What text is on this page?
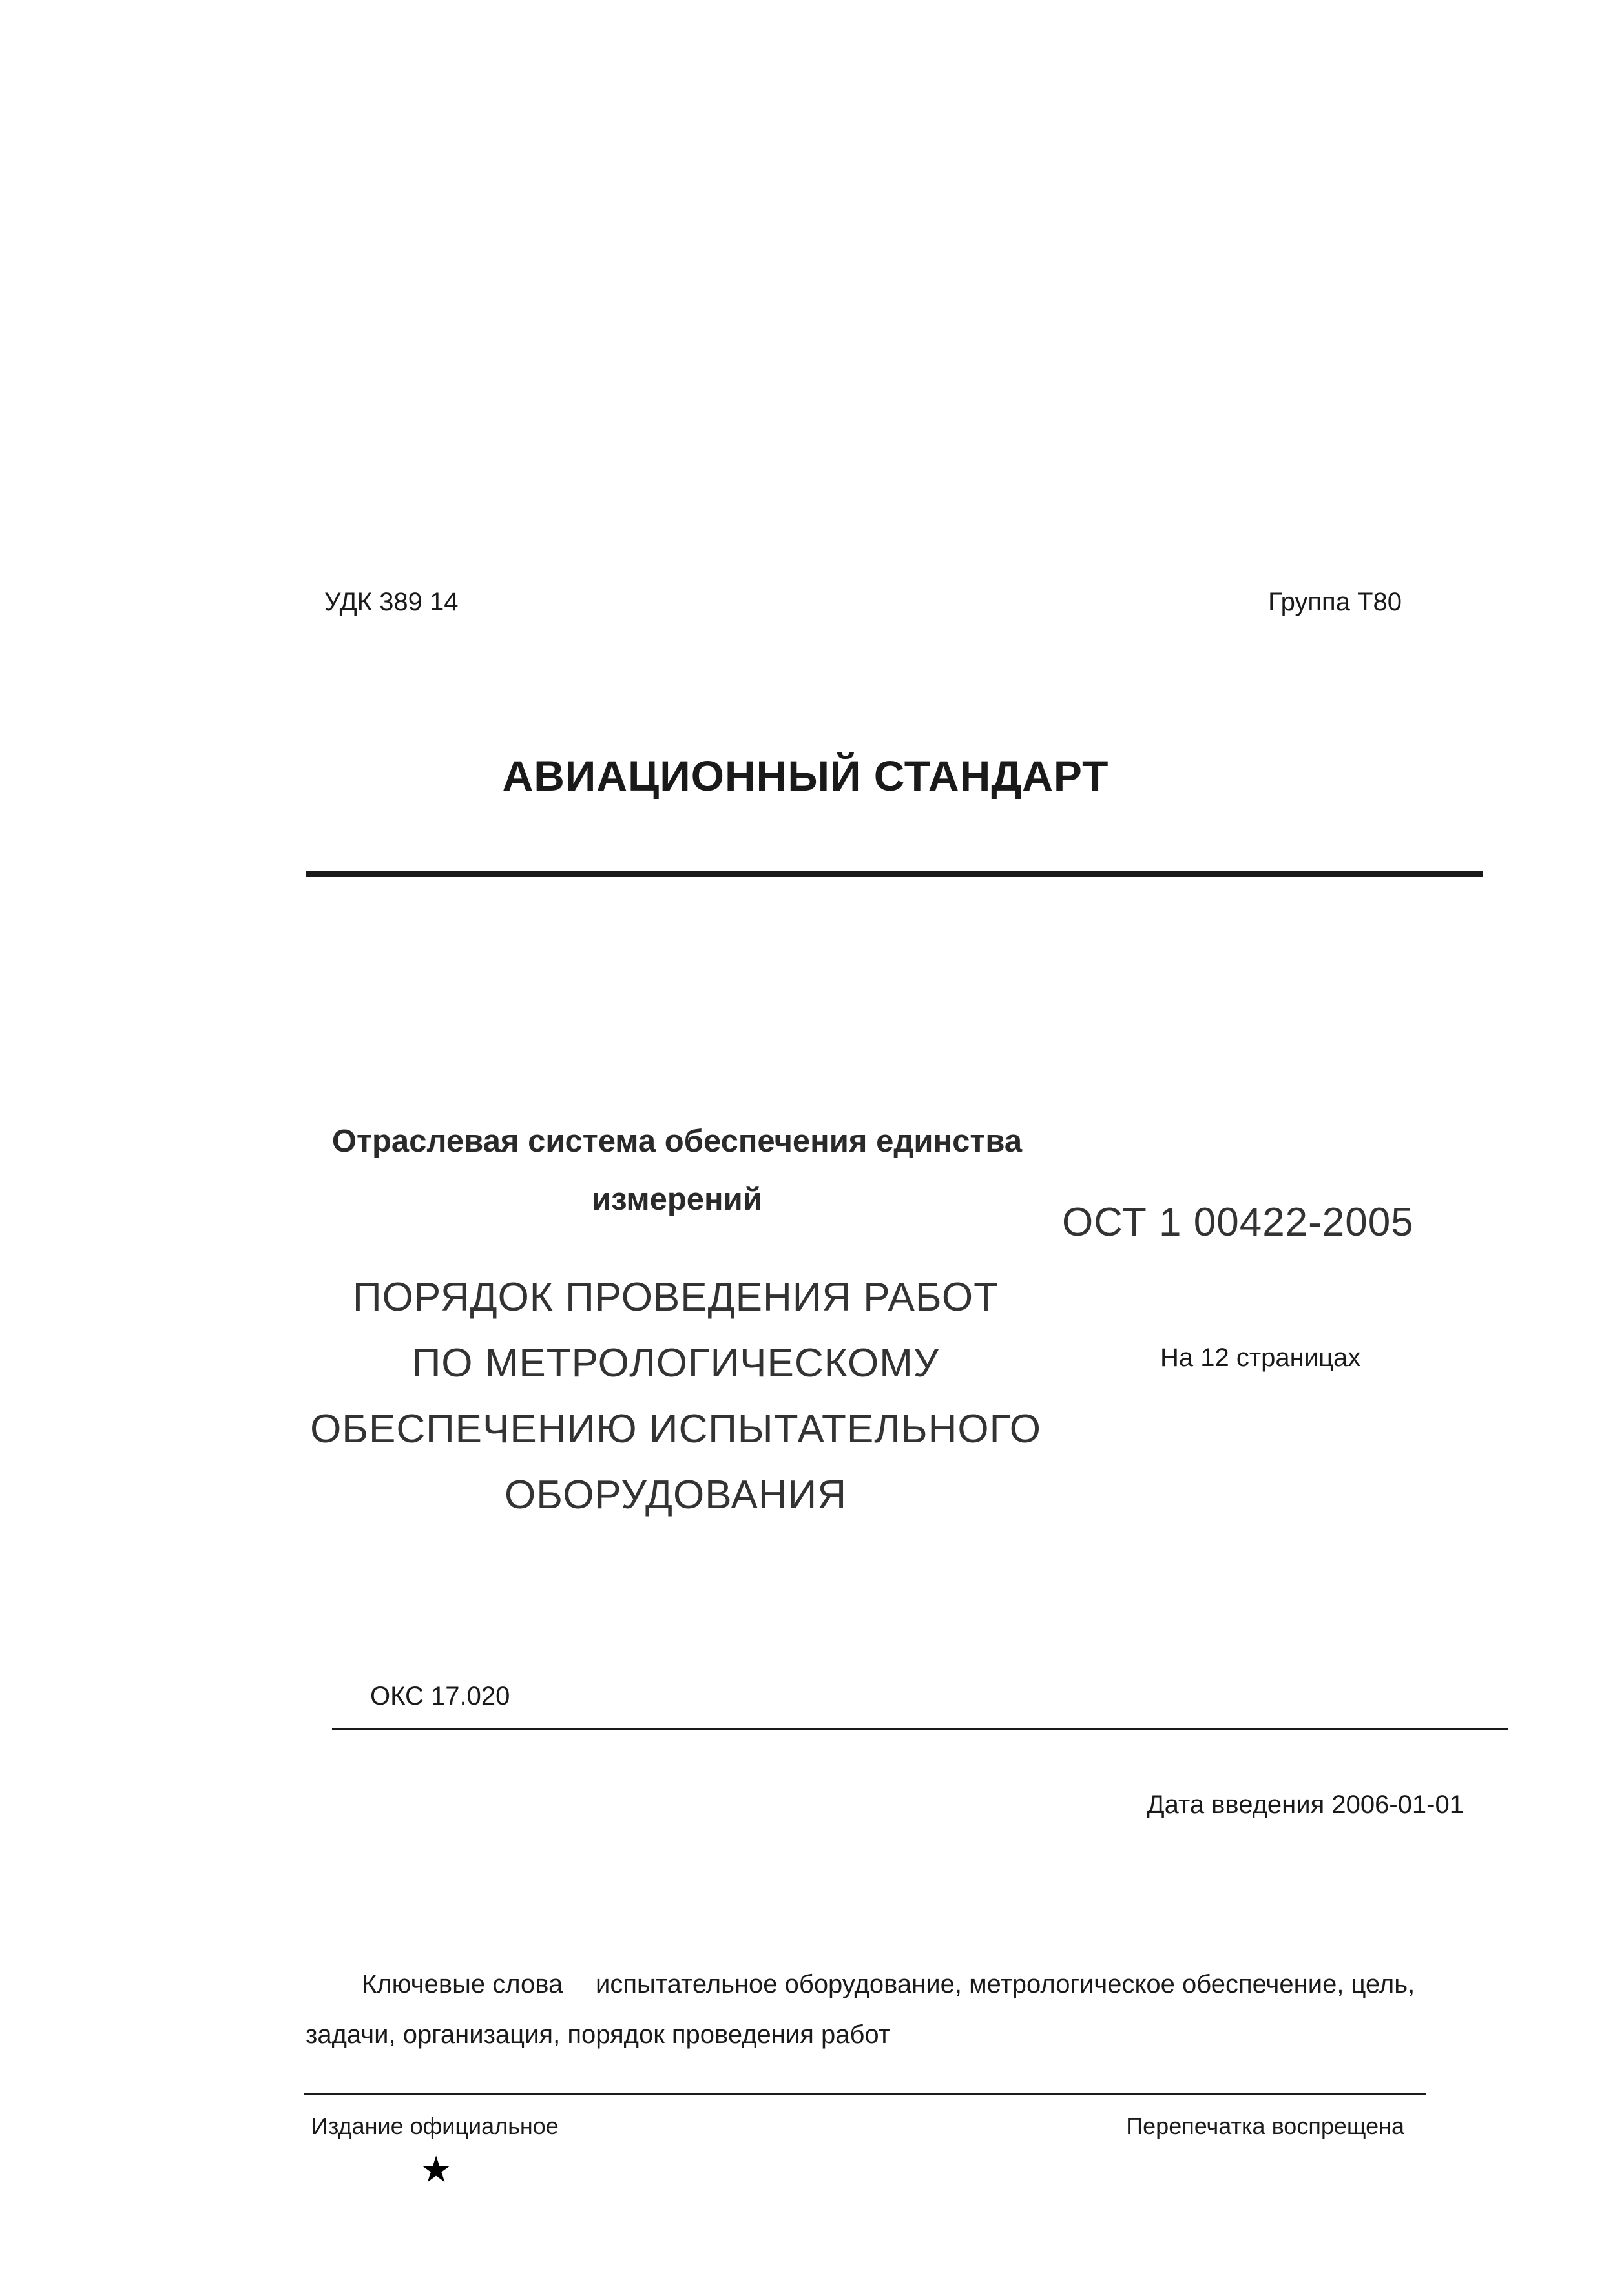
УДК 389 14	Группа Т80
АВИАЦИОННЫЙ СТАНДАРТ
Отраслевая система обеспечения единства
измерений
ОСТ 1 00422-2005
ПОРЯДОК ПРОВЕДЕНИЯ РАБОТ
ПО МЕТРОЛОГИЧЕСКОМУ
ОБЕСПЕЧЕНИЮ ИСПЫТАТЕЛЬНОГО
ОБОРУДОВАНИЯ
На 12 страницах
ОКС 17.020
Дата введения 2006-01-01
Ключевые слова испытательное оборудование, метрологическое обеспечение, цель,
задачи, организация, порядок проведения работ
Издание официальное	Перепечатка воспрещена
★
